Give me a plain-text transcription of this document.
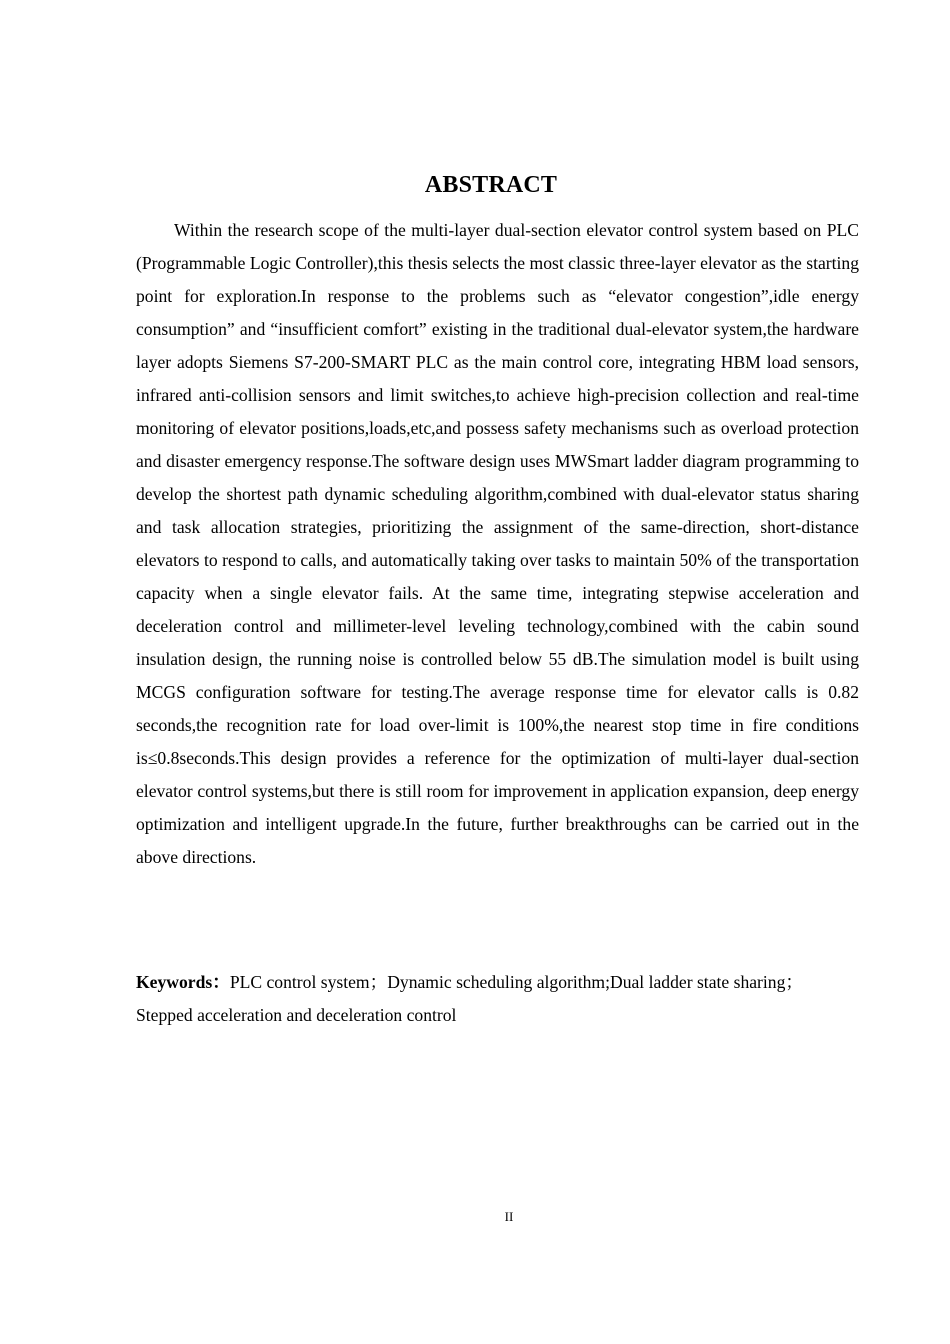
ABSTRACT

Within the research scope of the multi-layer dual-section elevator control system based on PLC (Programmable Logic Controller),this thesis selects the most classic three-layer elevator as the starting point for exploration.In response to the problems such as “elevator congestion”,idle energy consumption” and “insufficient comfort” existing in the traditional dual-elevator system,the hardware layer adopts Siemens S7-200-SMART PLC as the main control core, integrating HBM load sensors, infrared anti-collision sensors and limit switches,to achieve high-precision collection and real-time monitoring of elevator positions,loads,etc,and possess safety mechanisms such as overload protection and disaster emergency response.The software design uses MWSmart ladder diagram programming to develop the shortest path dynamic scheduling algorithm,combined with dual-elevator status sharing and task allocation strategies, prioritizing the assignment of the same-direction, short-distance elevators to respond to calls, and automatically taking over tasks to maintain 50% of the transportation capacity when a single elevator fails. At the same time, integrating stepwise acceleration and deceleration control and millimeter-level leveling technology,combined with the cabin sound insulation design, the running noise is controlled below 55 dB.The simulation model is built using MCGS configuration software for testing.The average response time for elevator calls is 0.82 seconds,the recognition rate for load over-limit is 100%,the nearest stop time in fire conditions is≤0.8seconds.This design provides a reference for the optimization of multi-layer dual-section elevator control systems,but there is still room for improvement in application expansion, deep energy optimization and intelligent upgrade.In the future, further breakthroughs can be carried out in the above directions.

Keywords：PLC control system；Dynamic scheduling algorithm;Dual ladder state sharing；Stepped acceleration and deceleration control

II
